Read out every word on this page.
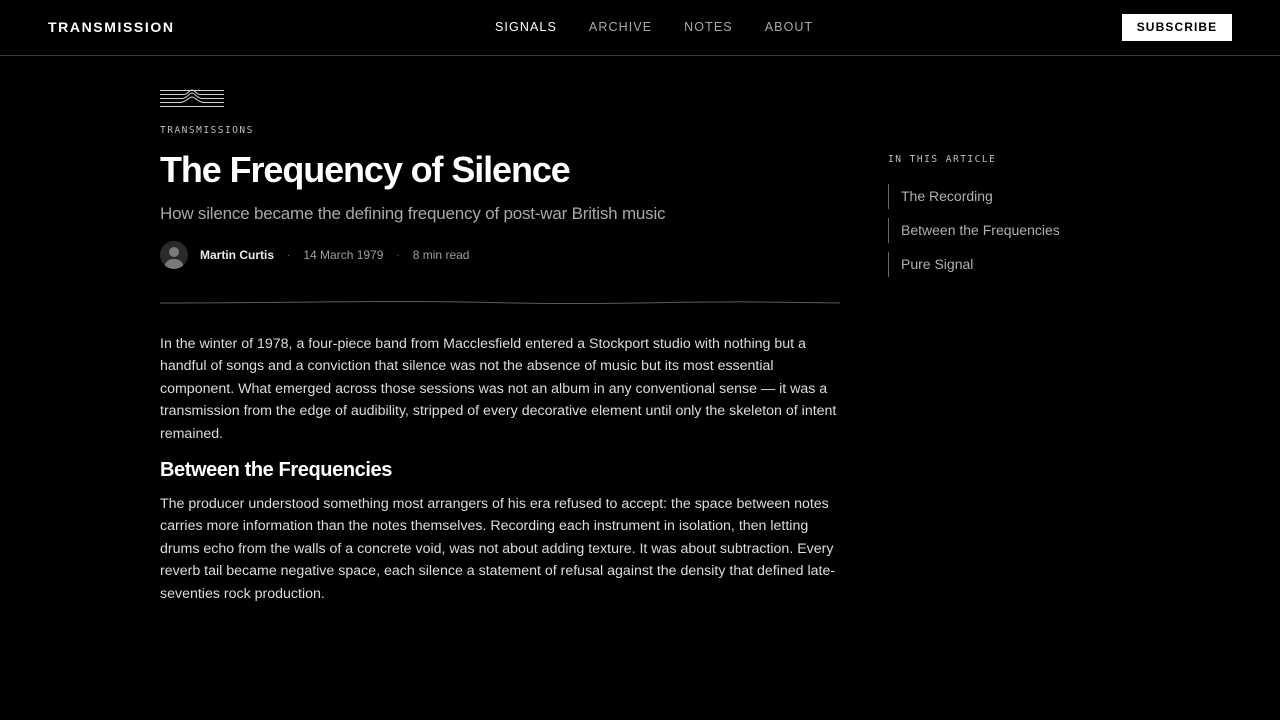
TRANSMISSION	SIGNALS	ARCHIVE	NOTES	ABOUT	SUBSCRIBE
TRANSMISSIONS
The Frequency of Silence

How silence became the defining frequency of post-war British music

Martin Curtis · 14 March 1979 · 8 min read

In the winter of 1978, a four-piece band from Macclesfield entered a Stockport studio with nothing but a handful of songs and a conviction that silence was not the absence of music but its most essential component. What emerged across those sessions was not an album in any conventional sense — it was a transmission from the edge of audibility, stripped of every decorative element until only the skeleton of intent remained.

Between the Frequencies

The producer understood something most arrangers of his era refused to accept: the space between notes carries more information than the notes themselves. Recording each instrument in isolation, then letting drums echo from the walls of a concrete void, was not about adding texture. It was about subtraction. Every reverb tail became negative space, each silence a statement of refusal against the density that defined late-seventies rock production.

IN THIS ARTICLE
The Recording
Between the Frequencies
Pure Signal
